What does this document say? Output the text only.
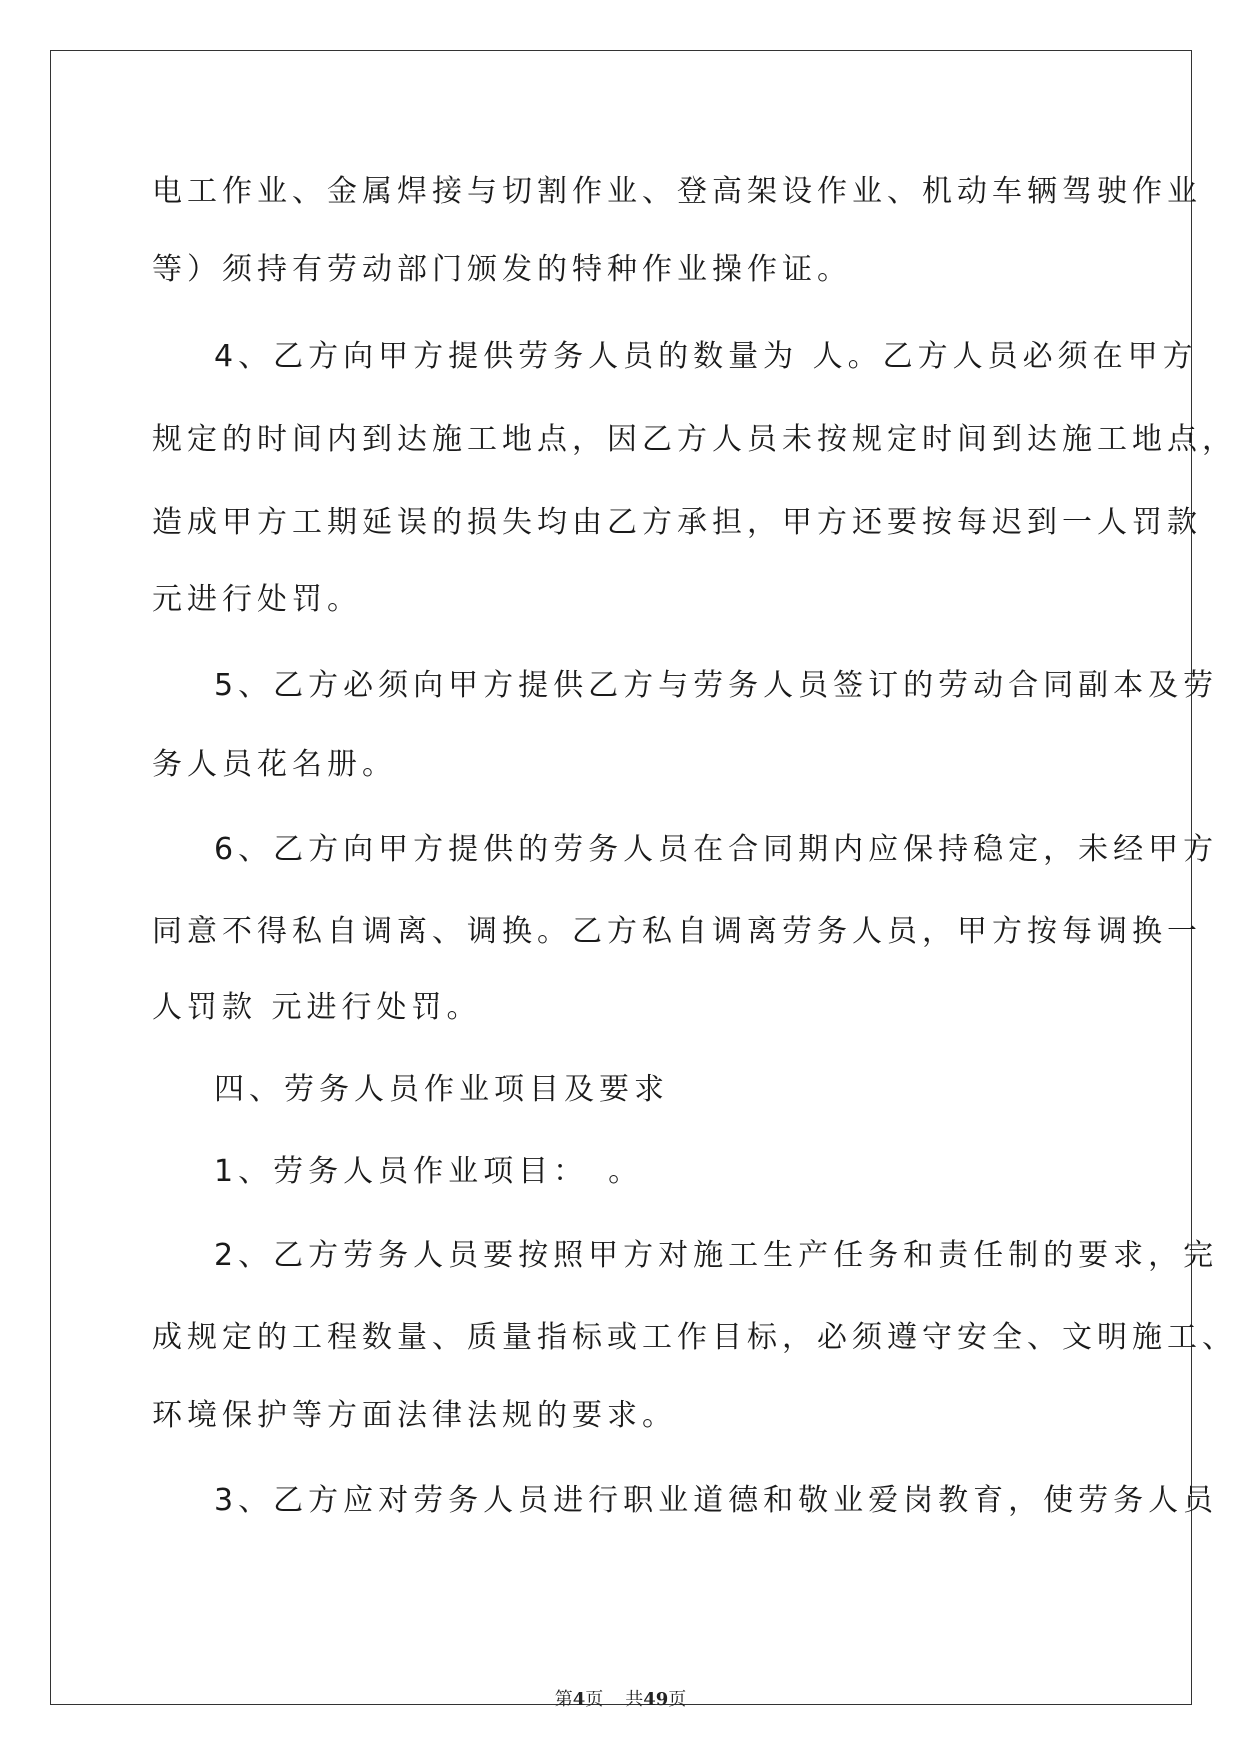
电工作业、金属焊接与切割作业、登高架设作业、机动车辆驾驶作业
等）须持有劳动部门颁发的特种作业操作证。
4、乙方向甲方提供劳务人员的数量为 人。乙方人员必须在甲方
规定的时间内到达施工地点，因乙方人员未按规定时间到达施工地点，
造成甲方工期延误的损失均由乙方承担，甲方还要按每迟到一人罚款
元进行处罚。
5、乙方必须向甲方提供乙方与劳务人员签订的劳动合同副本及劳
务人员花名册。
6、乙方向甲方提供的劳务人员在合同期内应保持稳定，未经甲方
同意不得私自调离、调换。乙方私自调离劳务人员，甲方按每调换一
人罚款 元进行处罚。
四、劳务人员作业项目及要求
1、劳务人员作业项目：　。
2、乙方劳务人员要按照甲方对施工生产任务和责任制的要求，完
成规定的工程数量、质量指标或工作目标，必须遵守安全、文明施工、
环境保护等方面法律法规的要求。
3、乙方应对劳务人员进行职业道德和敬业爱岗教育，使劳务人员
第4页 共49页
